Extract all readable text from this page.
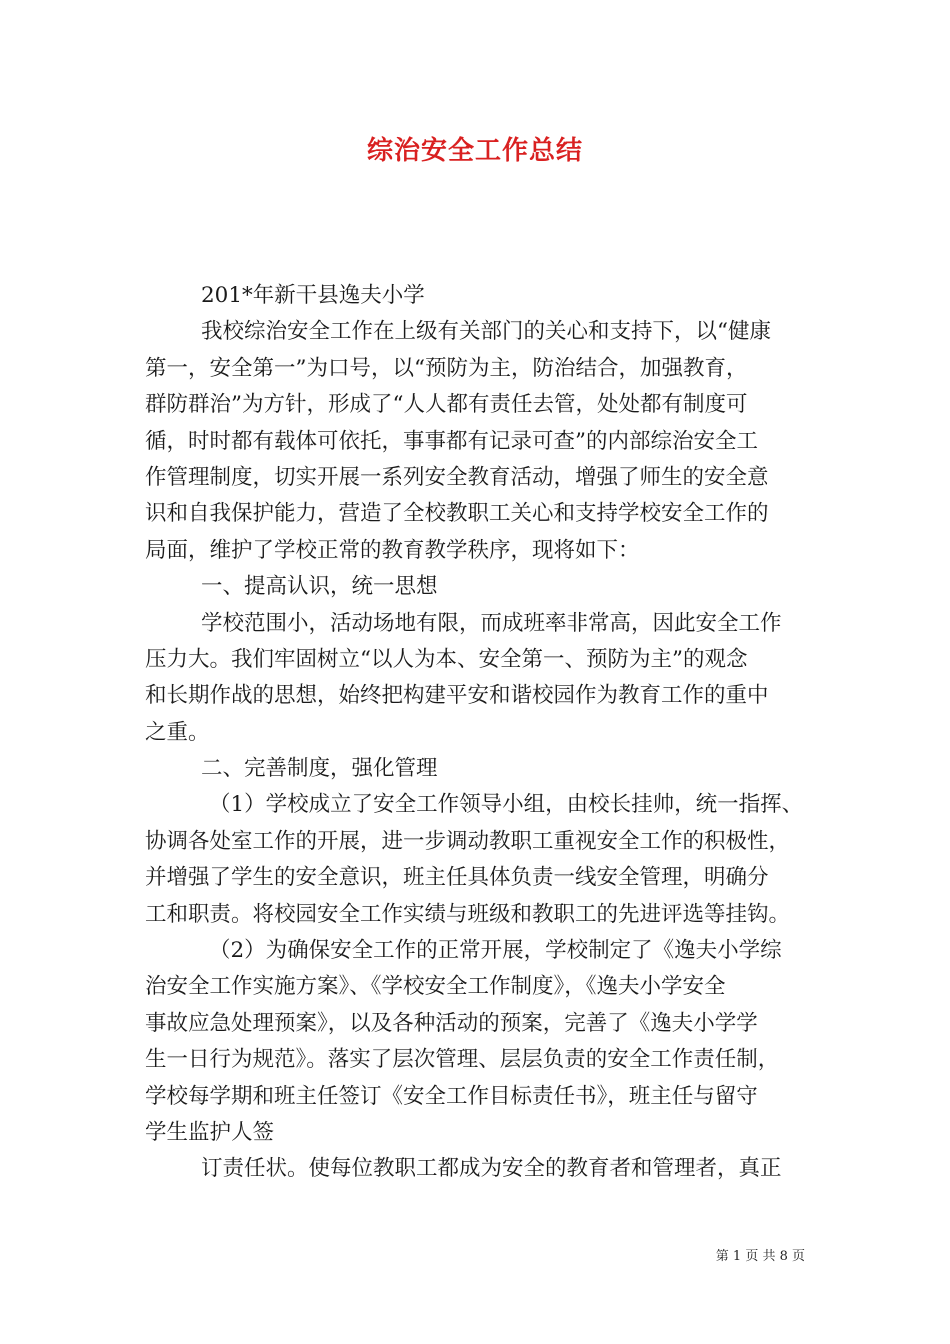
综治安全工作总结
201*年新干县逸夫小学
我校综治安全工作在上级有关部门的关心和支持下，以“健康
第一，安全第一”为口号，以“预防为主，防治结合，加强教育，
群防群治”为方针，形成了“人人都有责任去管，处处都有制度可
循，时时都有载体可依托，事事都有记录可查”的内部综治安全工
作管理制度，切实开展一系列安全教育活动，增强了师生的安全意
识和自我保护能力，营造了全校教职工关心和支持学校安全工作的
局面，维护了学校正常的教育教学秩序，现将如下：
一、提高认识，统一思想
学校范围小，活动场地有限，而成班率非常高，因此安全工作
压力大。我们牢固树立“以人为本、安全第一、预防为主”的观念
和长期作战的思想，始终把构建平安和谐校园作为教育工作的重中
之重。
二、完善制度，强化管理
（1）学校成立了安全工作领导小组，由校长挂帅，统一指挥、
协调各处室工作的开展，进一步调动教职工重视安全工作的积极性，
并增强了学生的安全意识，班主任具体负责一线安全管理，明确分
工和职责。将校园安全工作实绩与班级和教职工的先进评选等挂钩。
（2）为确保安全工作的正常开展，学校制定了《逸夫小学综
治安全工作实施方案》、《学校安全工作制度》，《逸夫小学安全
事故应急处理预案》，以及各种活动的预案，完善了《逸夫小学学
生一日行为规范》。落实了层次管理、层层负责的安全工作责任制，
学校每学期和班主任签订《安全工作目标责任书》，班主任与留守
学生监护人签
订责任状。使每位教职工都成为安全的教育者和管理者，真正
第 1 页 共 8 页
